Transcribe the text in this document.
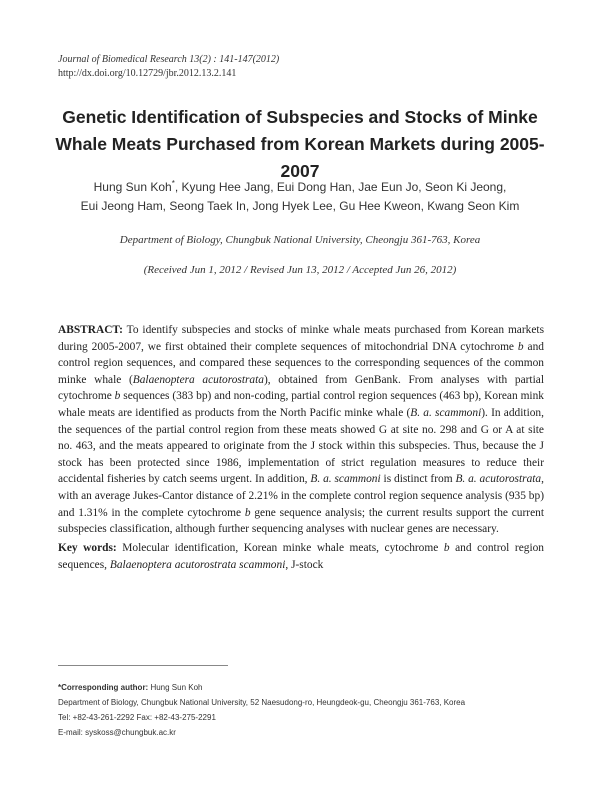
Journal of Biomedical Research 13(2) : 141-147(2012)
http://dx.doi.org/10.12729/jbr.2012.13.2.141
Genetic Identification of Subspecies and Stocks of Minke
Whale Meats Purchased from Korean Markets during 2005-2007
Hung Sun Koh*, Kyung Hee Jang, Eui Dong Han, Jae Eun Jo, Seon Ki Jeong,
Eui Jeong Ham, Seong Taek In, Jong Hyek Lee, Gu Hee Kweon, Kwang Seon Kim
Department of Biology, Chungbuk National University, Cheongju 361-763, Korea
(Received Jun 1, 2012 / Revised Jun 13, 2012 / Accepted Jun 26, 2012)
ABSTRACT: To identify subspecies and stocks of minke whale meats purchased from Korean markets during 2005-2007, we first obtained their complete sequences of mitochondrial DNA cytochrome b and control region sequences, and compared these sequences to the corresponding sequences of the common minke whale (Balaenoptera acutorostrata), obtained from GenBank. From analyses with partial cytochrome b sequences (383 bp) and non-coding, partial control region sequences (463 bp), Korean mink whale meats are identified as products from the North Pacific minke whale (B. a. scammoni). In addition, the sequences of the partial control region from these meats showed G at site no. 298 and G or A at site no. 463, and the meats appeared to originate from the J stock within this subspecies. Thus, because the J stock has been protected since 1986, implementation of strict regulation measures to reduce their accidental fisheries by catch seems urgent. In addition, B. a. scammoni is distinct from B. a. acutorostrata, with an average Jukes-Cantor distance of 2.21% in the complete control region sequence analysis (935 bp) and 1.31% in the complete cytochrome b gene sequence analysis; the current results support the current subspecies classification, although further sequencing analyses with nuclear genes are necessary.
Key words: Molecular identification, Korean minke whale meats, cytochrome b and control region sequences, Balaenoptera acutorostrata scammoni, J-stock
*Corresponding author: Hung Sun Koh
Department of Biology, Chungbuk National University, 52 Naesudong-ro, Heungdeok-gu, Cheongju 361-763, Korea
Tel: +82-43-261-2292 Fax: +82-43-275-2291
E-mail: syskoss@chungbuk.ac.kr
